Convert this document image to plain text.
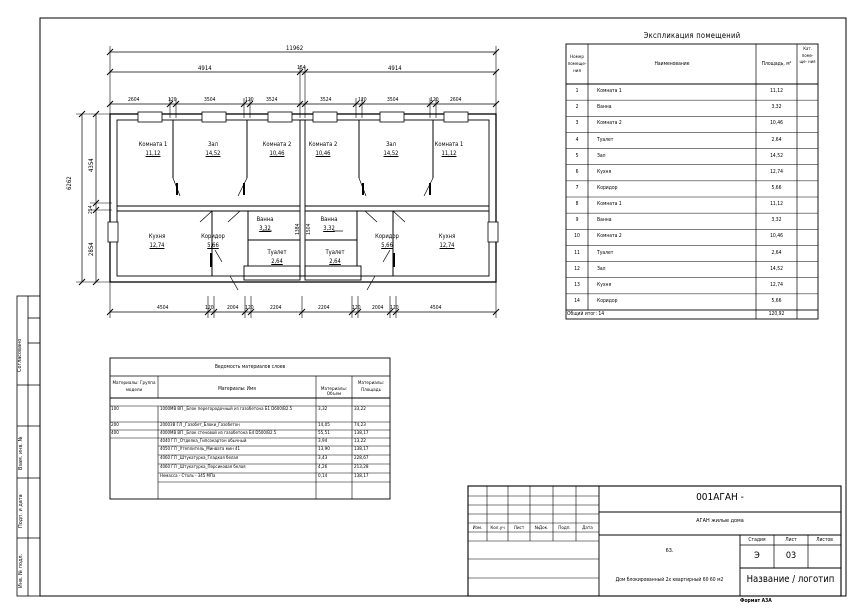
11962
4914	154	4914
2604	120	3504	120 3524	3524	120	3504	120 2604
4504	120	2004 120	2204	2204	120 2004 120	4504
6262
4354
254
2854
1384 1504
Комната 1
11,12
Зал
14,52
Комната 2
10,46
Комната 2
10,46
Зал
14,52
Комната 1
11,12
Кухня
12,74
Коридор
5,66
Ванна
3,32
Ванна
3,32
Коридор
5,66
Кухня
12,74
Туалет
2,64
Туалет
2,64
Экспликация помещений
Номер помеще- ния
Наименование	Площадь, м²
Кат. поме- ще- ния
1	Комната 1	11,12
2	Ванна	3,32
3	Комната 2	10,46
4	Туалет	2,64
5	Зал	14,52
6	Кухня	12,74
7	Коридор	5,66
8	Комната 1	11,12
9	Ванна	3,32
10	Комната 2	10,46
11	Туалет	2,64
12	Зал	14,52
13	Кухня	12,74
14	Коридор	5,66
Общий итог: 14	120,92
Ведомость материалов слоев
Материалы: Группа модели	Материалы: Имя	Материалы: Объем
Материалы: Площадь
100	1000МВ ВП _Блок перегородочный из газобетона Б1 D600/B2.5	3,32	33,22
200	2000ЗВ ГЛ _Газобет_Блоки_Газобетон	14,05	74,23
400	4000МВ ВП _Блок стеновой из газобетона Б4 D500/B2.5	55,51	138,17
4040 ГЛ _Отделка_Гипсокартон обычный	3,94	13,22
4050 ГЛ _Утеплитель_Минвата мин 41	13,90	138,17
4060 ГЛ _Штукатурка_Гладкая белая	3,43	228,67
4060 ГЛ _Штукатурка_Персиковая белая	4,26	213,28
Немасса - Сталь - 345 МПа	0,14	138,17
Согласовано
Взам. инв. №
Подп. и дата
Инв. № подл.
001АГАН -
АГАН жилые дома
Изм.	Кол.уч	Лист	№Док.	Подп.	Дата
63.
Стадия	Лист	Листов
Э	03
Дом блокированный 2х квартирный 60 60 м2	Название / логотип
Формат А3А
